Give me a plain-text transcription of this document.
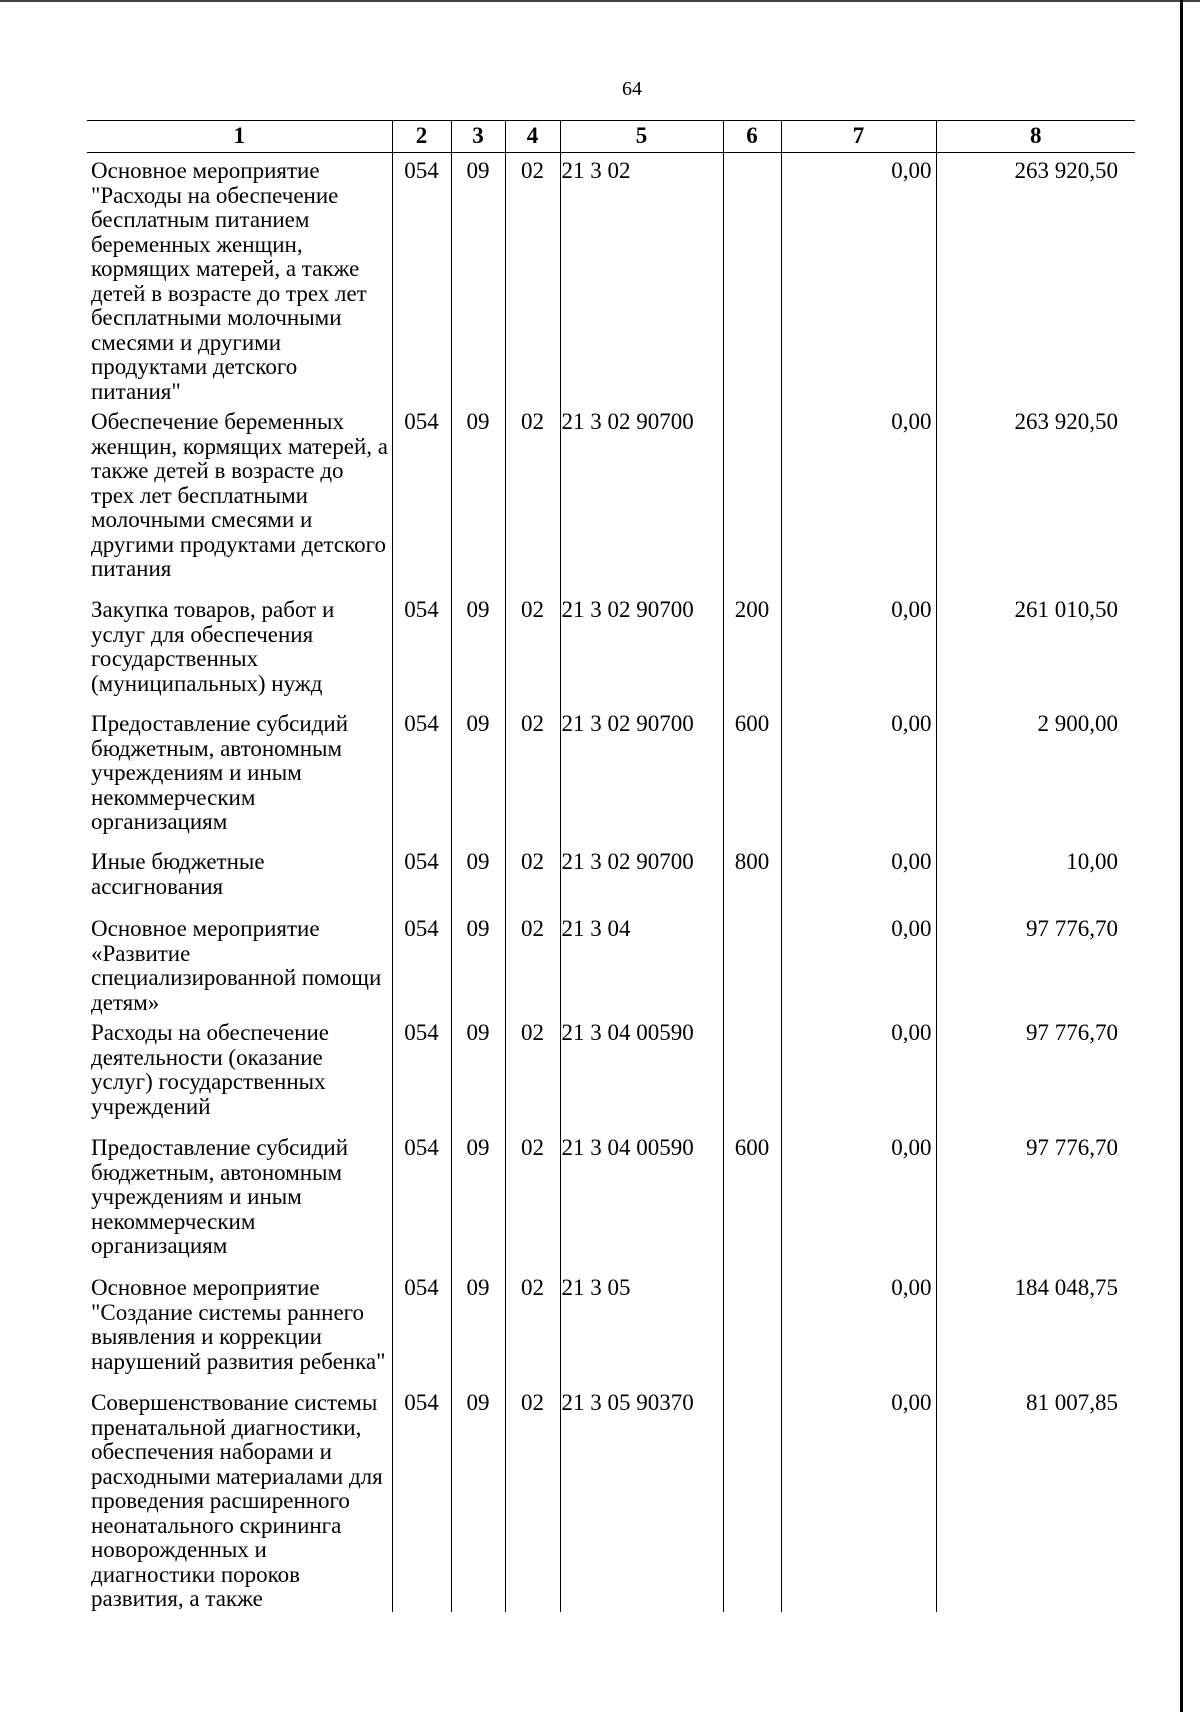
64
1	2	3	4	5	6	7	8
Основное мероприятие "Расходы на обеспечение бесплатным питанием беременных женщин, кормящих матерей, а также детей в возрасте до трех лет бесплатными молочными смесями и другими продуктами детского питания"	054	09	02	21 3 02		0,00	263 920,50
Обеспечение беременных женщин, кормящих матерей, а также детей в возрасте до трех лет бесплатными молочными смесями и другими продуктами детского питания	054	09	02	21 3 02 90700		0,00	263 920,50
Закупка товаров, работ и услуг для обеспечения государственных (муниципальных) нужд	054	09	02	21 3 02 90700	200	0,00	261 010,50
Предоставление субсидий бюджетным, автономным учреждениям и иным некоммерческим организациям	054	09	02	21 3 02 90700	600	0,00	2 900,00
Иные бюджетные ассигнования	054	09	02	21 3 02 90700	800	0,00	10,00
Основное мероприятие «Развитие специализированной помощи детям»	054	09	02	21 3 04		0,00	97 776,70
Расходы на обеспечение деятельности (оказание услуг) государственных учреждений	054	09	02	21 3 04 00590		0,00	97 776,70
Предоставление субсидий бюджетным, автономным учреждениям и иным некоммерческим организациям	054	09	02	21 3 04 00590	600	0,00	97 776,70
Основное мероприятие "Создание системы раннего выявления и коррекции нарушений развития ребенка"	054	09	02	21 3 05		0,00	184 048,75
Совершенствование системы пренатальной диагностики, обеспечения наборами и расходными материалами для проведения расширенного неонатального скрининга новорожденных и диагностики пороков развития, а также	054	09	02	21 3 05 90370		0,00	81 007,85
